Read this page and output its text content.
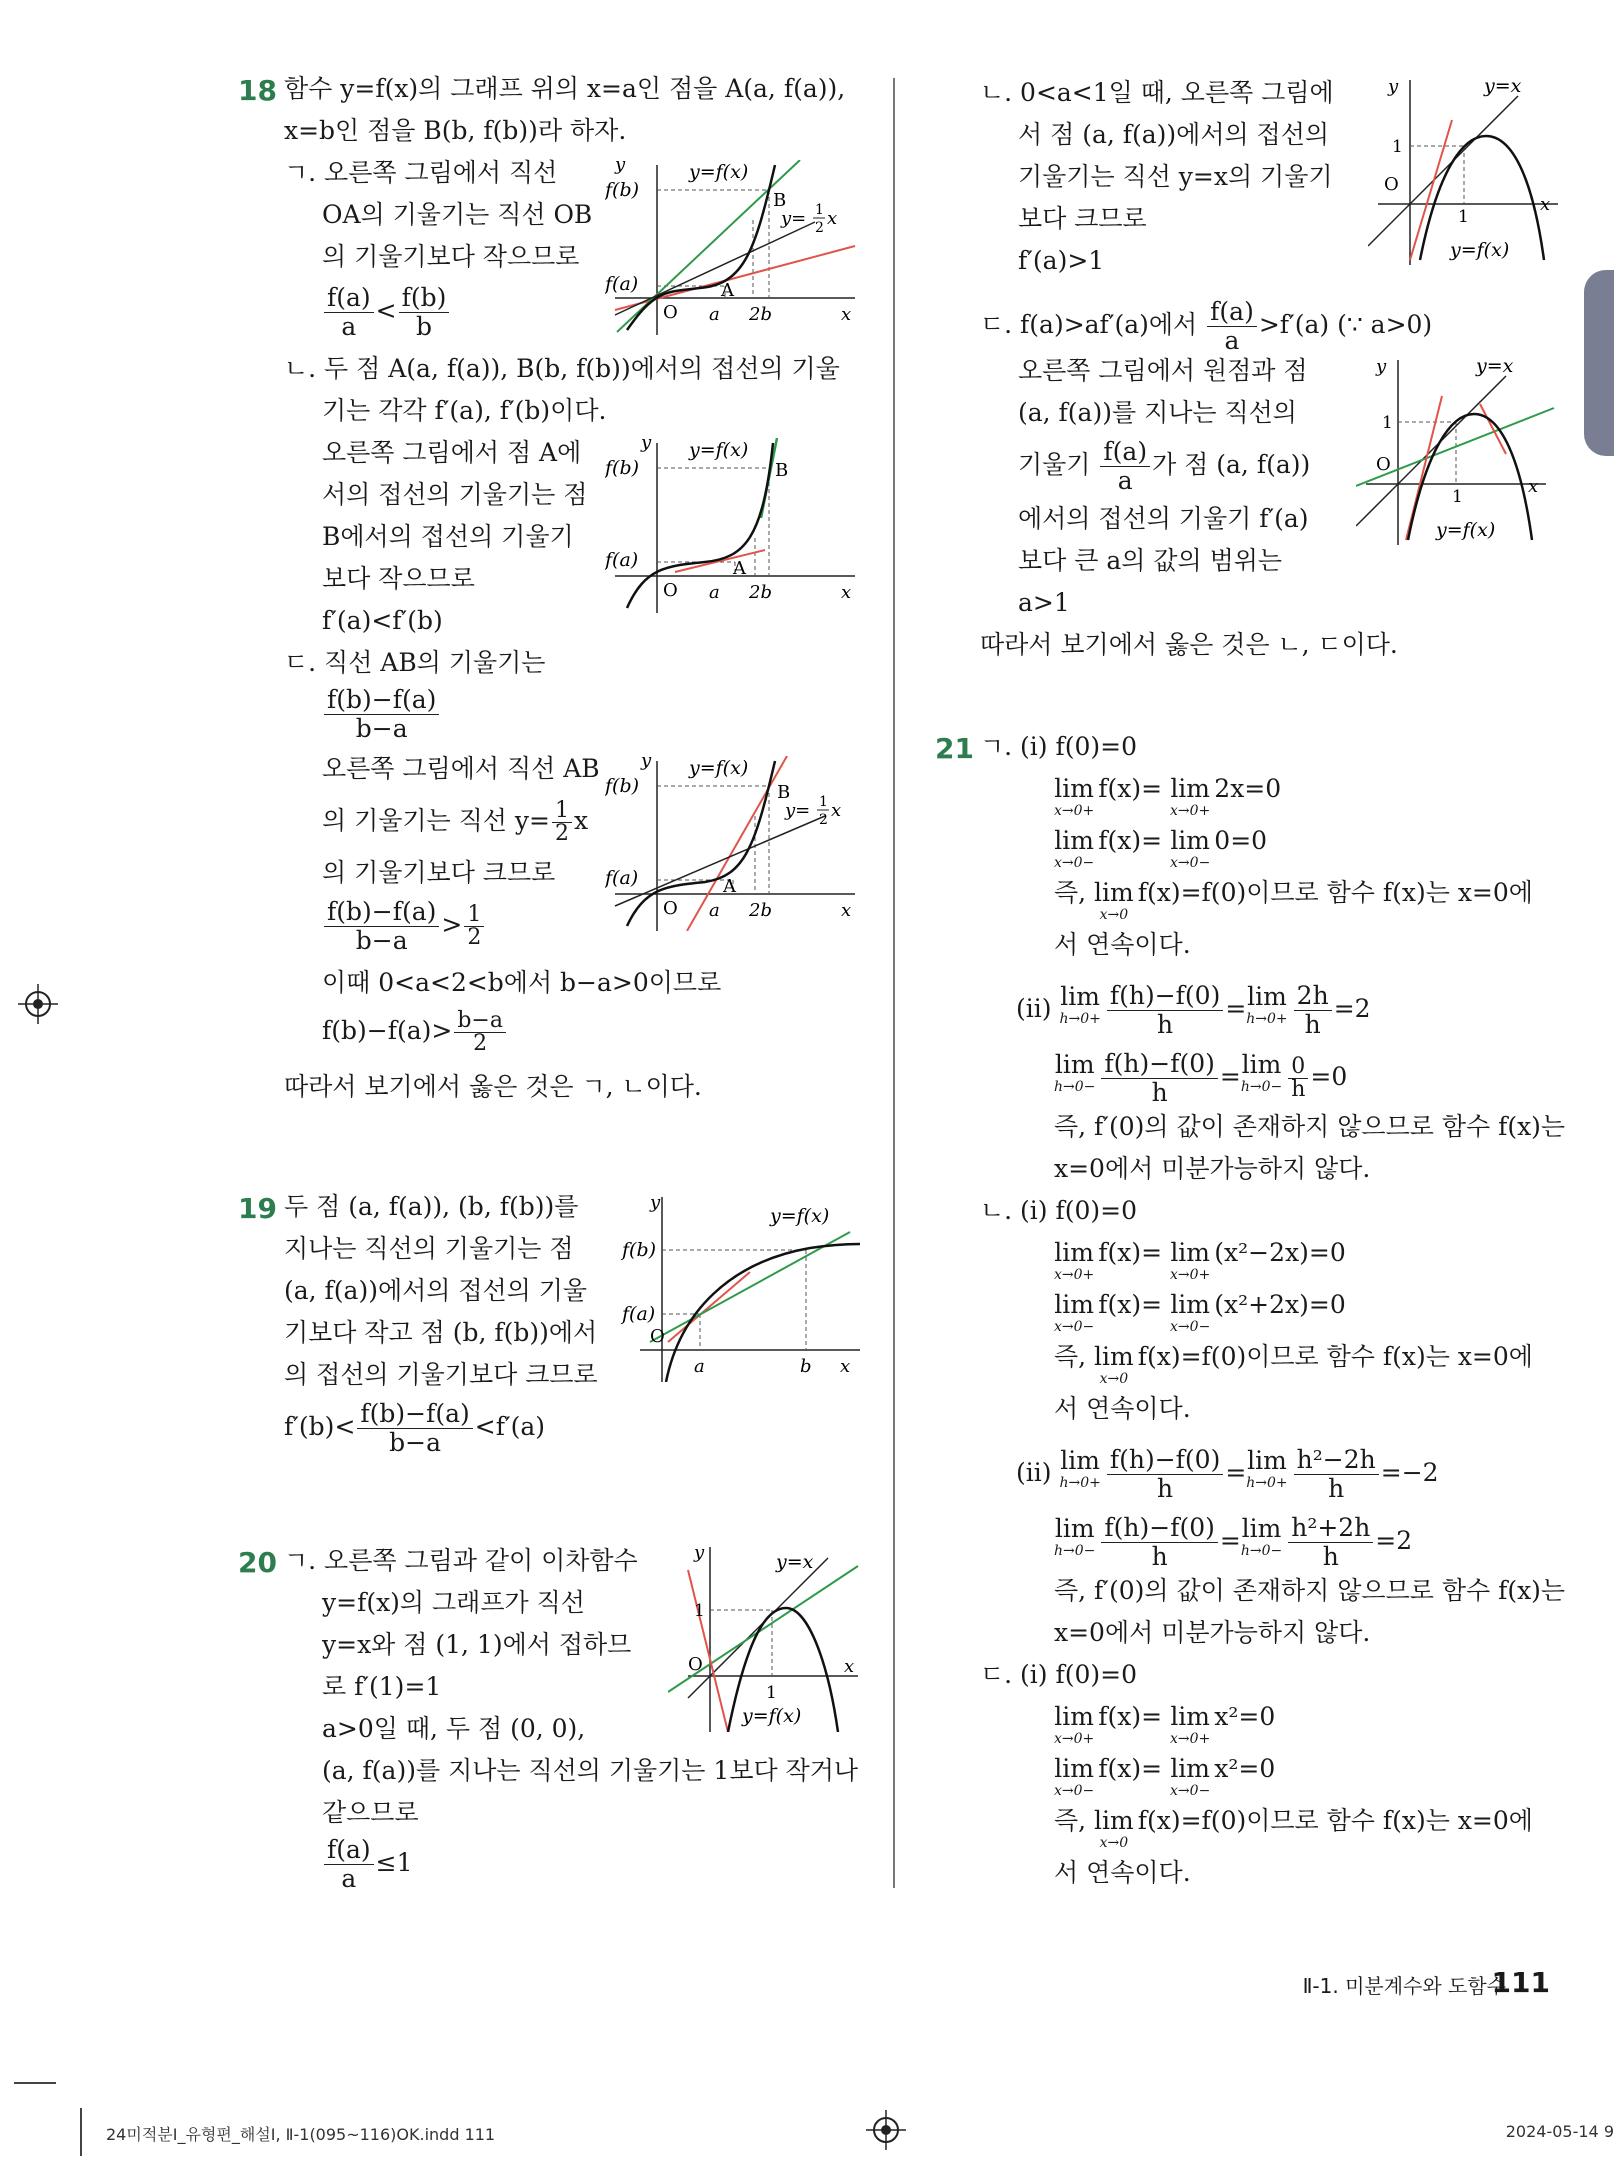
18 함수 y=f(x)의 그래프 위의 x=a인 점을 A(a, f(a)),
x=b인 점을 B(b, f(b))라 하자.
ㄱ. 오른쪽 그림에서 직선
OA의 기울기는 직선 OB
의 기울기보다 작으므로
$\frac{f(a)}{a} < \frac{f(b)}{b}$
ㄴ. 두 점 A(a, f(a)), B(b, f(b))에서의 접선의 기울
기는 각각 f′(a), f′(b)이다.
오른쪽 그림에서 점 A에
서의 접선의 기울기는 점
B에서의 접선의 기울기
보다 작으므로
f′(a)<f′(b)
ㄷ. 직선 AB의 기울기는
$\frac{f(b)-f(a)}{b-a}$
오른쪽 그림에서 직선 AB
의 기울기는 직선 $y= \frac{1}{2}$ x
의 기울기보다 크므로
$\frac{f(b)-f(a)}{b-a} > \frac{1}{2}$
이때 0<a<2<b에서 b−a>0이므로
$f(b)-f(a)> \frac{b-a}{2}$
따라서 보기에서 옳은 것은 ㄱ, ㄴ이다.
y
x
O
y=f(x)
f(b)
f(a)	A
B
a 2b
y= 1
2 x
y
x
O
y=f(x)
f(b)
f(a)	A
B
a 2b
y
x
O
y=f(x)
f(b)
f(a)	A
B
a 2b
y= 1
2 x
19 두 점 (a, f(a)), (b, f(b))를
지나는 직선의 기울기는 점
(a, f(a))에서의 접선의 기울
기보다 작고 점 (b, f(b))에서
의 접선의 기울기보다 크므로
$f'(b)< \frac{f(b)-f(a)}{b-a} <f'(a)$
y
x
O
y=f(x)
f(b)
f(a)
a	b
20 ㄱ. 오른쪽 그림과 같이 이차함수
y=f(x)의 그래프가 직선
y=x와 점 (1, 1)에서 접하므
로 f′(1)=1
a>0일 때, 두 점 (0, 0),
(a, f(a))를 지나는 직선의 기울기는 1보다 작거나
같으므로
$\frac{f(a)}{a} \le 1$
y	y=x
x
O
1
1
y=f(x)
ㄴ. 0<a<1일 때, 오른쪽 그림에
서 점 (a, f(a))에서의 접선의
기울기는 직선 y=x의 기울기
보다 크므로
f′(a)>1
y	y=x
x
O
1
1
y=f(x)
ㄷ. f(a)>af′(a)에서 $\frac{f(a)}{a} >f'(a)$ (∵ a>0)
오른쪽 그림에서 원점과 점
(a, f(a))를 지나는 직선의
기울기 $\frac{f(a)}{a}$ 가 점 (a, f(a))
에서의 접선의 기울기 f′(a)
보다 큰 a의 값의 범위는
a>1
따라서 보기에서 옳은 것은 ㄴ, ㄷ이다.
y	y=x
x
O
1
1
y=f(x)
21 ㄱ. (ⅰ) f(0)=0
lim
x→0+
f(x)= lim
x→0+
2x=0
lim
x→0−
f(x)= lim
x→0−
0=0
즉, lim
x→0
f(x)=f(0)이므로 함수 f(x)는 x=0에
서 연속이다.
(ⅱ) lim
$h\to 0+ \frac{f(h)-f(0)}{h} = \lim$
$h\to 0+ \frac{2h}{h} =2$
lim
$h\to 0- \frac{f(h)-f(0)}{h} = \lim$
$h\to 0- \frac{0}{h} =0$
즉, f′(0)의 값이 존재하지 않으므로 함수 f(x)는
x=0에서 미분가능하지 않다.
ㄴ. (ⅰ) f(0)=0
lim
x→0+
f(x)= lim
x→0+
(x²−2x)=0
lim
x→0−
f(x)= lim
x→0−
(x²+2x)=0
즉, lim
x→0
f(x)=f(0)이므로 함수 f(x)는 x=0에
서 연속이다.
(ⅱ) lim
$h\to 0+ \frac{f(h)-f(0)}{h} = \lim$
$h\to 0+ \frac{\text{h²−2h}}{h} =-2$
lim
$h\to 0- \frac{f(h)-f(0)}{h} = \lim$
$h\to 0- \frac{\text{h²+2h}}{h} =2$
즉, f′(0)의 값이 존재하지 않으므로 함수 f(x)는
x=0에서 미분가능하지 않다.
ㄷ. (ⅰ) f(0)=0
lim
x→0+
f(x)= lim
x→0+
x²=0
lim
x→0−
f(x)= lim
x→0−
x²=0
즉, lim
x→0
f(x)=f(0)이므로 함수 f(x)는 x=0에
서 연속이다.
Ⅱ-1. 미분계수와 도함수
111
24미적분Ⅰ_유형편_해설Ⅰ, Ⅱ-1(095~116)OK.indd 111	2024-05-14 9
